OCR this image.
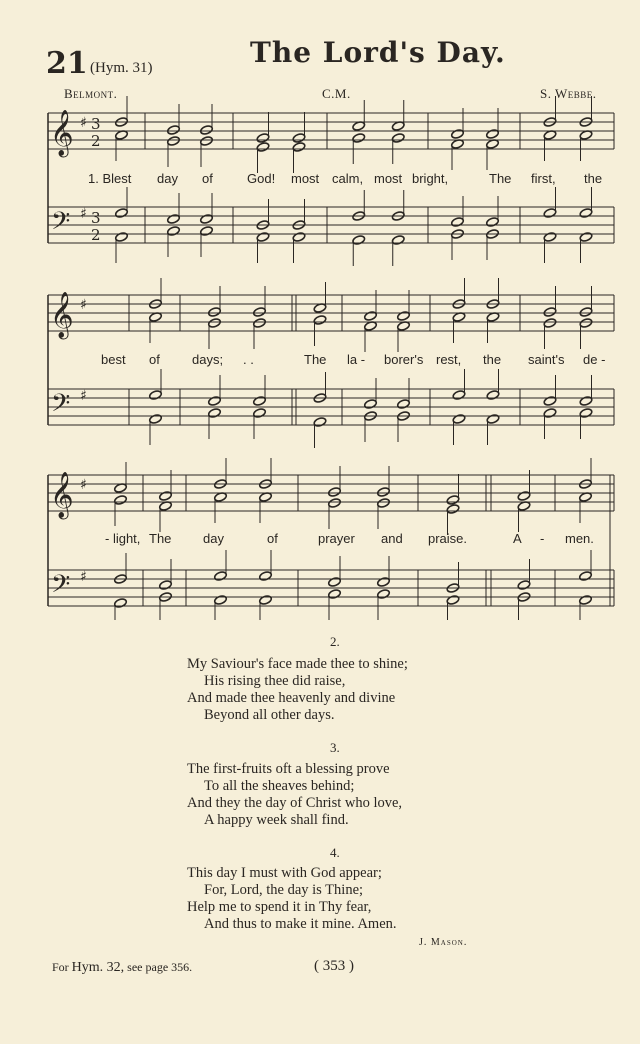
21 (Hym. 31)	The Lord's Day.
Belmont.	C.M.	S. Webbe.
𝄞
𝄢
♯
♯
3
2
3
2
𝄞
𝄢
♯
♯
𝄞
𝄢
♯
♯
1. Blest day of	God! most calm, most bright,	The first, the
best of days; . .	The la - borer's rest, the saint's de -
- light, The day	of	prayer and praise.	A - men.
2.
My Saviour's face made thee to shine;
His rising thee did raise,
And made thee heavenly and divine
Beyond all other days.
3.
The first-fruits oft a blessing prove
To all the sheaves behind;
And they the day of Christ who love,
A happy week shall find.
4.
This day I must with God appear;
For, Lord, the day is Thine;
Help me to spend it in Thy fear,
And thus to make it mine. Amen.
J. Mason.
For Hym. 32, see page 356.	( 353 )
